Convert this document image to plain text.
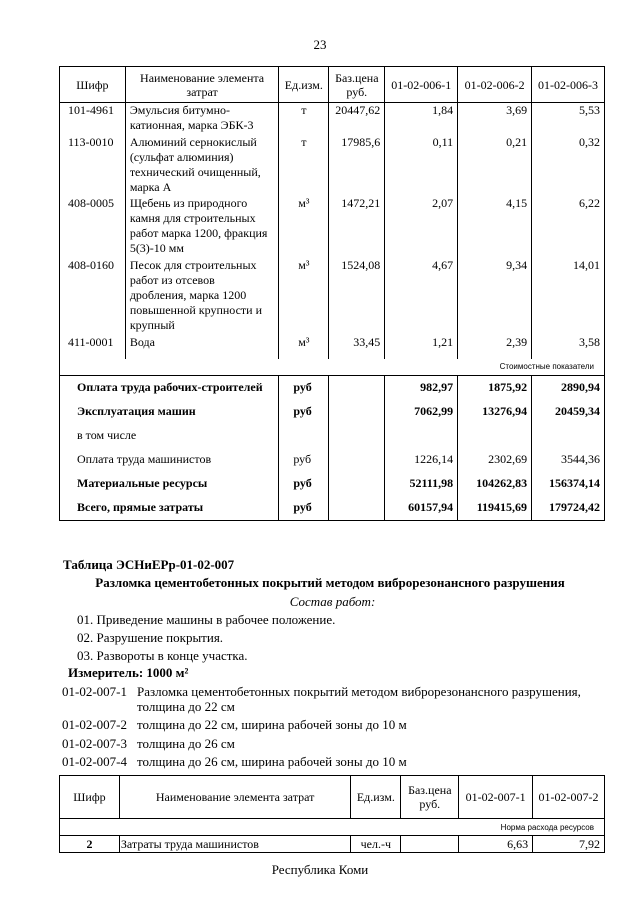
23
Шифр	Наименование элемента затрат	Ед.изм.	Баз.цена руб.	01-02-006-1	01-02-006-2	01-02-006-3
101-4961	Эмульсия битумно-катионная, марка ЭБК-3	т	20447,62	1,84	3,69	5,53
113-0010	Алюминий сернокислый (сульфат алюминия) технический очищенный, марка А	т	17985,6	0,11	0,21	0,32
408-0005	Щебень из природного камня для строительных работ марка 1200, фракция 5(3)-10 мм	м³	1472,21	2,07	4,15	6,22
408-0160	Песок для строительных работ из отсевов дробления, марка 1200 повышенной крупности и крупный	м³	1524,08	4,67	9,34	14,01
411-0001	Вода	м³	33,45	1,21	2,39	3,58
Стоимостные показатели						
Оплата труда рабочих-строителей		руб		982,97	1875,92	2890,94
Эксплуатация машин		руб		7062,99	13276,94	20459,34
в том числе						
Оплата труда машинистов		руб		1226,14	2302,69	3544,36
Материальные ресурсы		руб		52111,98	104262,83	156374,14
Всего, прямые затраты		руб		60157,94	119415,69	179724,42
Таблица ЭСНиЕРр-01-02-007
Разломка цементобетонных покрытий методом виброрезонансного разрушения
Состав работ:
01. Приведение машины в рабочее положение.
02. Разрушение покрытия.
03. Развороты в конце участка.
Измеритель: 1000 м²
01-02-007-1 Разломка цементобетонных покрытий методом виброрезонансного разрушения, толщина до 22 см
01-02-007-2 толщина до 22 см, ширина рабочей зоны до 10 м
01-02-007-3 толщина до 26 см
01-02-007-4 толщина до 26 см, ширина рабочей зоны до 10 м
Шифр	Наименование элемента затрат	Ед.изм.	Баз.цена руб.	01-02-007-1	01-02-007-2
Норма расхода ресурсов					
2	Затраты труда машинистов	чел.-ч		6,63	7,92
Республика Коми
